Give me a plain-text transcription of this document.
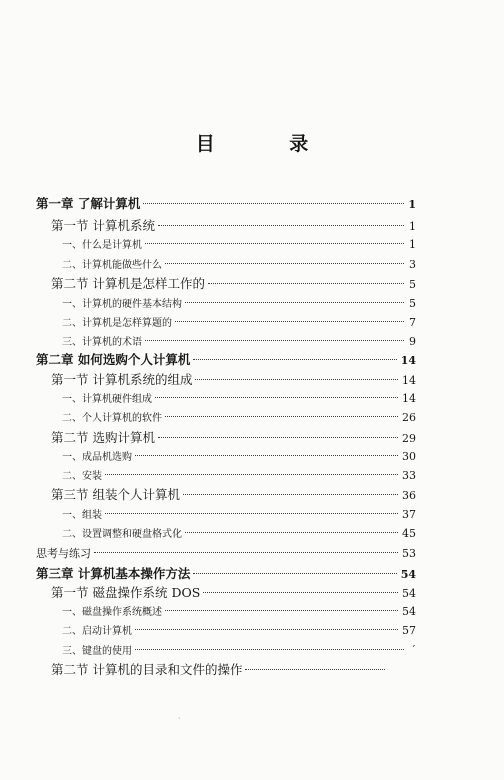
目 录
第一章 了解计算机	1
第一节 计算机系统	1
一、什么是计算机	1
二、计算机能做些什么	3
第二节 计算机是怎样工作的	5
一、计算机的硬件基本结构	5
二、计算机是怎样算题的	7
三、计算机的术语	9
第二章 如何选购个人计算机	14
第一节 计算机系统的组成	14
一、计算机硬件组成	14
二、个人计算机的软件	26
第二节 选购计算机	29
一、成品机选购	30
二、安装	33
第三节 组装个人计算机	36
一、组装	37
二、设置调整和硬盘格式化	45
思考与练习	53
第三章 计算机基本操作方法	54
第一节 磁盘操作系统 DOS	54
一、磁盘操作系统概述	54
二、启动计算机	57
三、键盘的使用	´
第二节 计算机的目录和文件的操作
·
